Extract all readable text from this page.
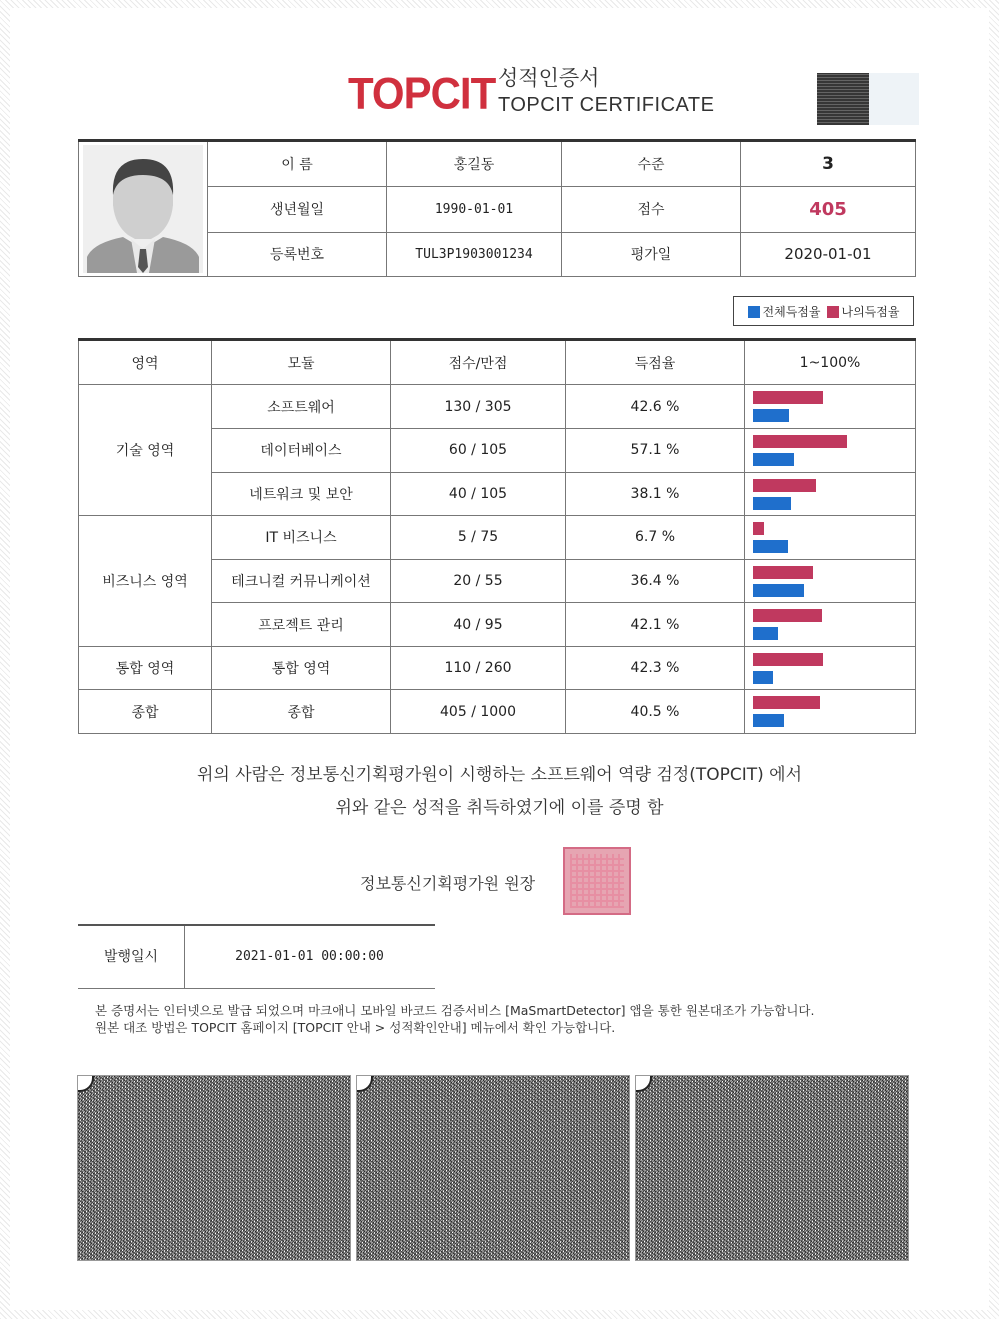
TOPCIT 성적인증서
TOPCIT CERTIFICATE
	이 름	홍길동	수준	3
	생년월일	1990-01-01	점수	405
	등록번호	TUL3P1903001234	평가일	2020-01-01
전체득점율	나의득점율
영역	모듈	점수/만점	득점율	1~100%
기술 영역	소프트웨어	130 / 305	42.6 %	

	데이터베이스	60 / 105	57.1 %	

	네트워크 및 보안	40 / 105	38.1 %	

비즈니스 영역	IT 비즈니스	5 / 75	6.7 %	

	테크니컬 커뮤니케이션	20 / 55	36.4 %	

	프로젝트 관리	40 / 95	42.1 %	

통합 영역	통합 영역	110 / 260	42.3 %	

종합	종합	405 / 1000	40.5 %	
위의 사람은 정보통신기획평가원이 시행하는 소프트웨어 역량 검정(TOPCIT) 에서
위와 같은 성적을 취득하였기에 이를 증명 함
정보통신기획평가원 원장
발행일시	2021-01-01 00:00:00
본 증명서는 인터넷으로 발급 되었으며 마크애니 모바일 바코드 검증서비스 [MaSmartDetector] 앱을 통한 원본대조가 가능합니다.
원본 대조 방법은 TOPCIT 홈페이지 [TOPCIT 안내 > 성적확인안내] 메뉴에서 확인 가능합니다.
